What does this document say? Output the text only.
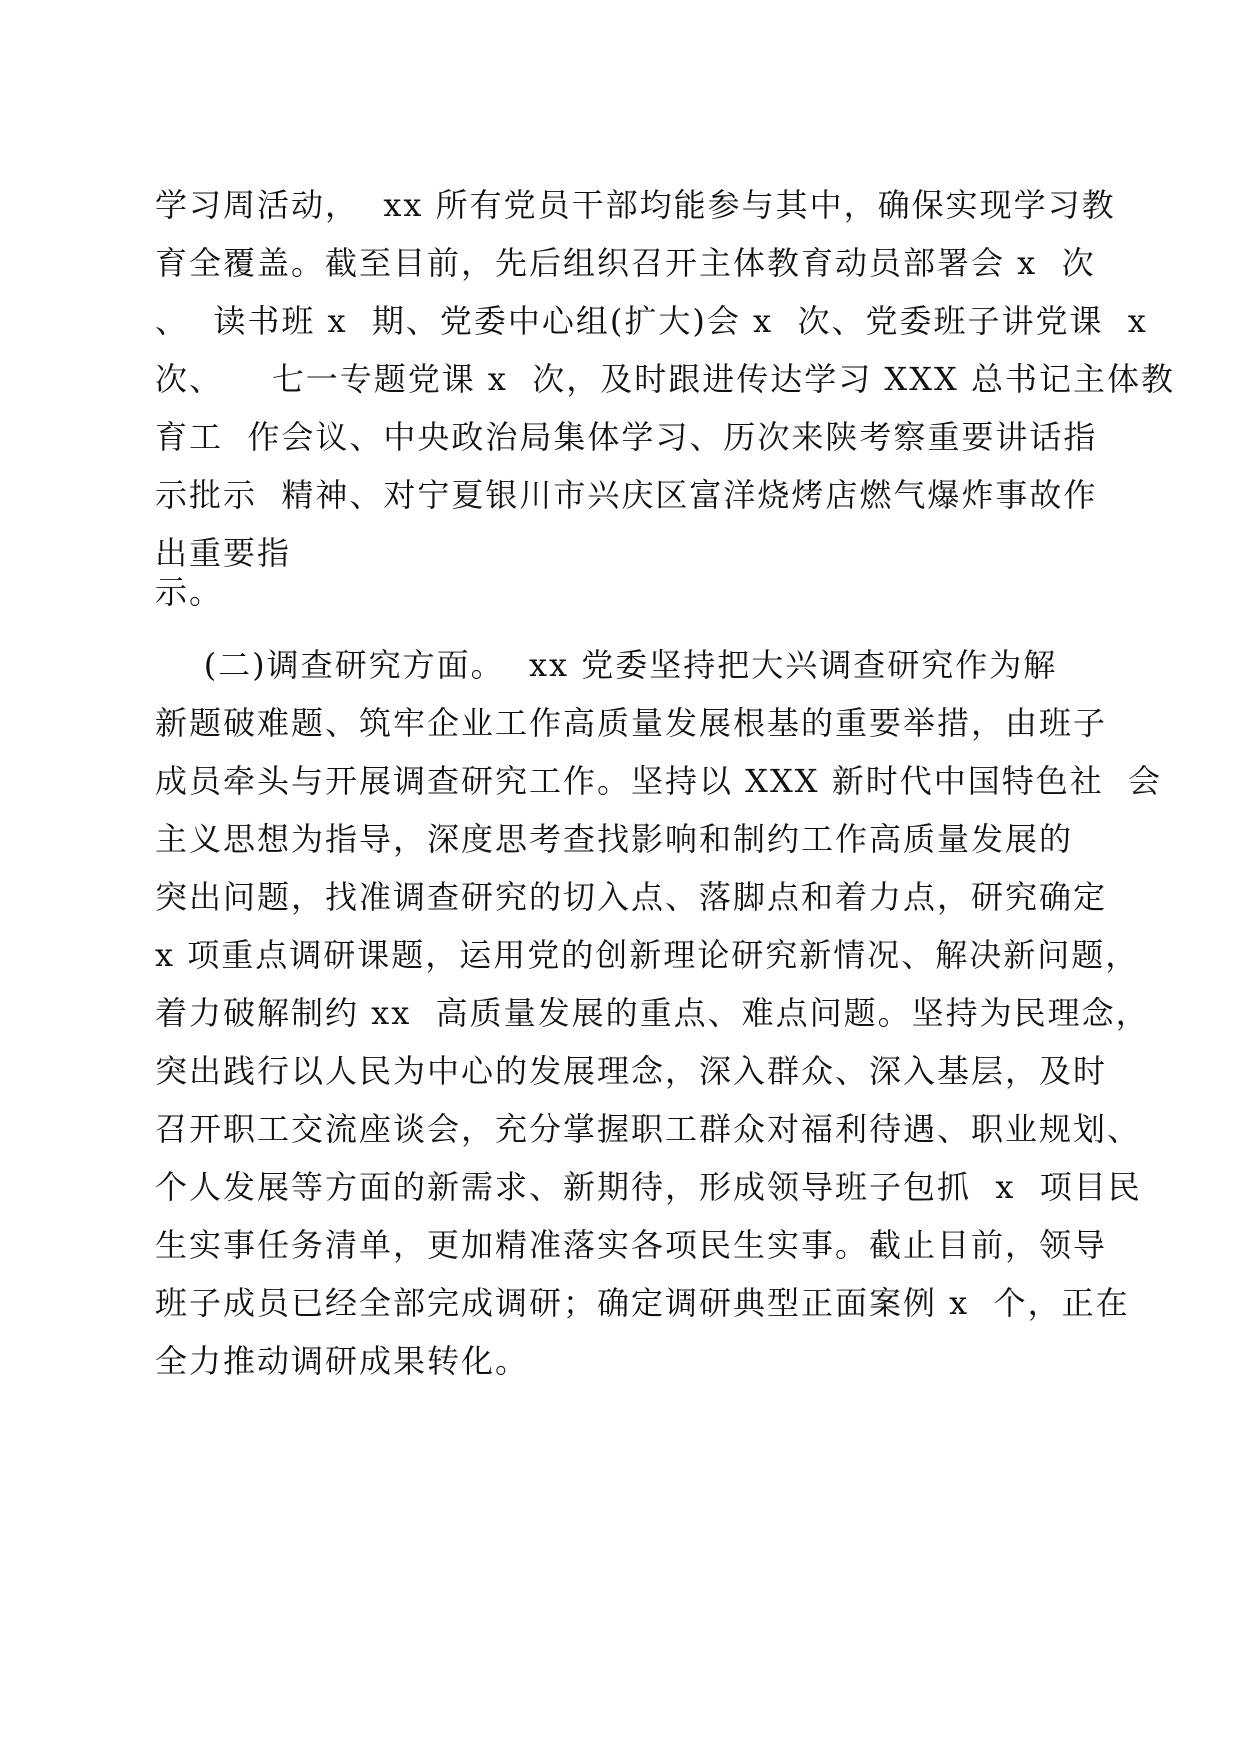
学习周活动，  xx 所有党员干部均能参与其中，确保实现学习教
育全覆盖。截至目前，先后组织召开主体教育动员部署会 x  次
、  读书班 x  期、党委中心组(扩大)会 x  次、党委班子讲党课  x
次、    七一专题党课 x  次，及时跟进传达学习 XXX 总书记主体教
育工  作会议、中央政治局集体学习、历次来陕考察重要讲话指
示批示  精神、对宁夏银川市兴庆区富洋烧烤店燃气爆炸事故作
出重要指
示。
(二)调查研究方面。  xx 党委坚持把大兴调查研究作为解
新题破难题、筑牢企业工作高质量发展根基的重要举措，由班子
成员牵头与开展调查研究工作。坚持以 XXX 新时代中国特色社  会
主义思想为指导，深度思考查找影响和制约工作高质量发展的
突出问题，找准调查研究的切入点、落脚点和着力点，研究确定
x 项重点调研课题，运用党的创新理论研究新情况、解决新问题，
着力破解制约 xx  高质量发展的重点、难点问题。坚持为民理念，
突出践行以人民为中心的发展理念，深入群众、深入基层，及时
召开职工交流座谈会，充分掌握职工群众对福利待遇、职业规划、
个人发展等方面的新需求、新期待，形成领导班子包抓  x  项目民
生实事任务清单，更加精准落实各项民生实事。截止目前，领导
班子成员已经全部完成调研；确定调研典型正面案例 x  个，正在
全力推动调研成果转化。
